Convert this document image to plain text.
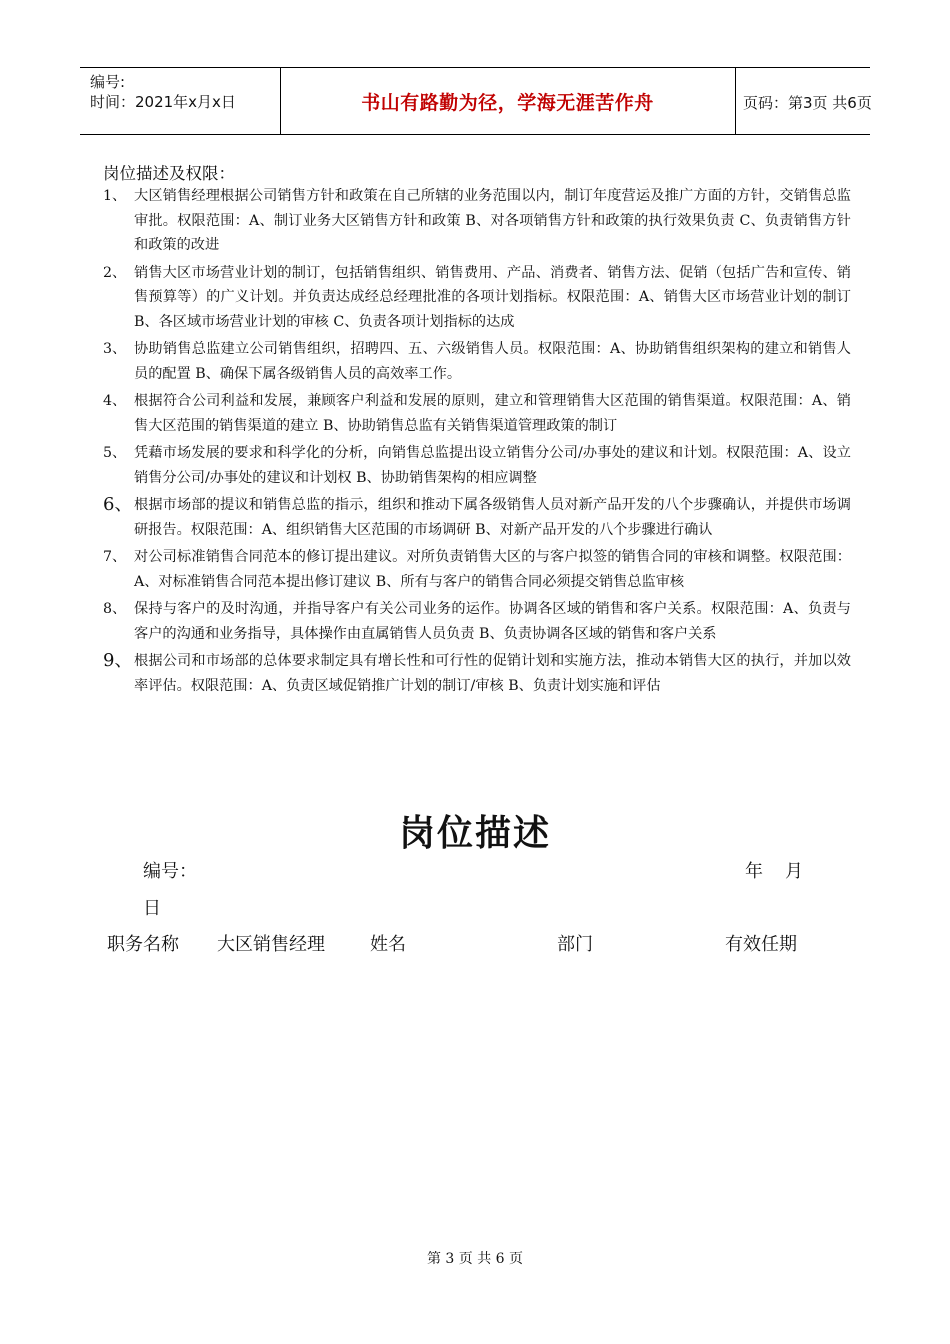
编号:
时间：2021年x月x日	书山有路勤为径，学海无涯苦作舟	页码：第3页 共6页
岗位描述及权限：
1、 大区销售经理根据公司销售方针和政策在自己所辖的业务范围以内，制订年度营运及推广方面的方针，交销售总监审批。权限范围：A、制订业务大区销售方针和政策 B、对各项销售方针和政策的执行效果负责 C、负责销售方针和政策的改进
2、 销售大区市场营业计划的制订，包括销售组织、销售费用、产品、消费者、销售方法、促销（包括广告和宣传、销售预算等）的广义计划。并负责达成经总经理批准的各项计划指标。权限范围：A、销售大区市场营业计划的制订 B、各区域市场营业计划的审核 C、负责各项计划指标的达成
3、 协助销售总监建立公司销售组织，招聘四、五、六级销售人员。权限范围：A、协助销售组织架构的建立和销售人员的配置 B、确保下属各级销售人员的高效率工作。
4、 根据符合公司利益和发展，兼顾客户利益和发展的原则，建立和管理销售大区范围的销售渠道。权限范围：A、销售大区范围的销售渠道的建立 B、协助销售总监有关销售渠道管理政策的制订
5、 凭藉市场发展的要求和科学化的分析，向销售总监提出设立销售分公司/办事处的建议和计划。权限范围：A、设立销售分公司/办事处的建议和计划权 B、协助销售架构的相应调整
6、 根据市场部的提议和销售总监的指示，组织和推动下属各级销售人员对新产品开发的八个步骤确认，并提供市场调研报告。权限范围：A、组织销售大区范围的市场调研 B、对新产品开发的八个步骤进行确认
7、 对公司标准销售合同范本的修订提出建议。对所负责销售大区的与客户拟签的销售合同的审核和调整。权限范围：A、对标准销售合同范本提出修订建议 B、所有与客户的销售合同必须提交销售总监审核
8、 保持与客户的及时沟通，并指导客户有关公司业务的运作。协调各区域的销售和客户关系。权限范围：A、负责与客户的沟通和业务指导，具体操作由直属销售人员负责 B、负责协调各区域的销售和客户关系
9、 根据公司和市场部的总体要求制定具有增长性和可行性的促销计划和实施方法，推动本销售大区的执行，并加以效率评估。权限范围：A、负责区域促销推广计划的制订/审核 B、负责计划实施和评估
岗位描述
编号：	年 月
日
职务名称 大区销售经理	姓名	部门	有效任期
第 3 页 共 6 页
